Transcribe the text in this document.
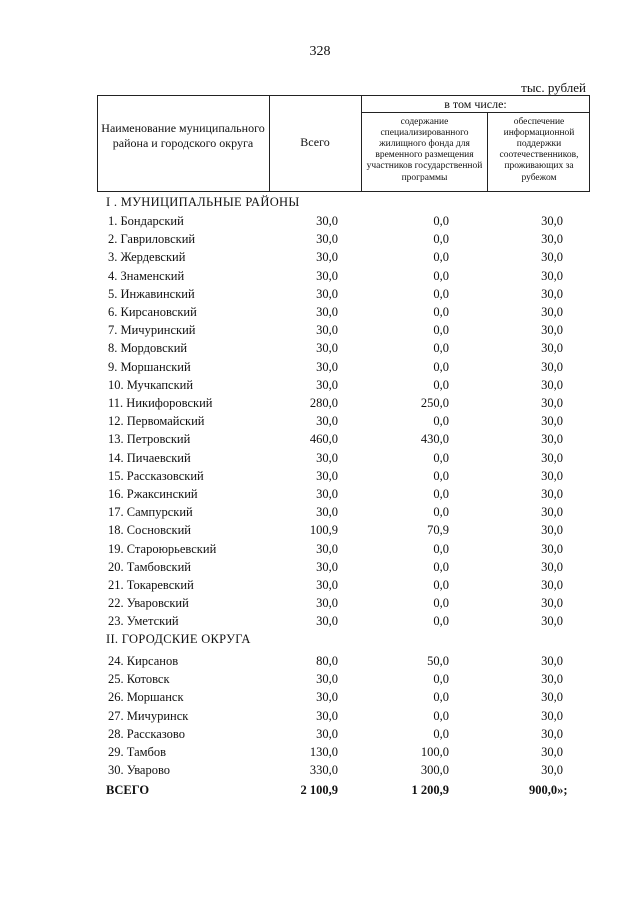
328
тыс. рублей
Наименование муниципального района и городского округа	Всего
в том числе:
содержание специализированного жилищного фонда для временного размещения участников государственной программы
обеспечение информационной поддержки соотечественников, проживающих за рубежом
I . МУНИЦИПАЛЬНЫЕ РАЙОНЫ
II. ГОРОДСКИЕ ОКРУГА
1. Бондарский	30,0	0,0	30,0
2. Гавриловский	30,0	0,0	30,0
3. Жердевский	30,0	0,0	30,0
4. Знаменский	30,0	0,0	30,0
5. Инжавинский	30,0	0,0	30,0
6. Кирсановский	30,0	0,0	30,0
7. Мичуринский	30,0	0,0	30,0
8. Мордовский	30,0	0,0	30,0
9. Моршанский	30,0	0,0	30,0
10. Мучкапский	30,0	0,0	30,0
11. Никифоровский	280,0	250,0	30,0
12. Первомайский	30,0	0,0	30,0
13. Петровский	460,0	430,0	30,0
14. Пичаевский	30,0	0,0	30,0
15. Рассказовский	30,0	0,0	30,0
16. Ржаксинский	30,0	0,0	30,0
17. Сампурский	30,0	0,0	30,0
18. Сосновский	100,9	70,9	30,0
19. Староюрьевский	30,0	0,0	30,0
20. Тамбовский	30,0	0,0	30,0
21. Токаревский	30,0	0,0	30,0
22. Уваровский	30,0	0,0	30,0
23. Уметский	30,0	0,0	30,0
24. Кирсанов	80,0	50,0	30,0
25. Котовск	30,0	0,0	30,0
26. Моршанск	30,0	0,0	30,0
27. Мичуринск	30,0	0,0	30,0
28. Рассказово	30,0	0,0	30,0
29. Тамбов	130,0	100,0	30,0
30. Уварово	330,0	300,0	30,0
ВСЕГО	2 100,9	1 200,9	900,0»;
